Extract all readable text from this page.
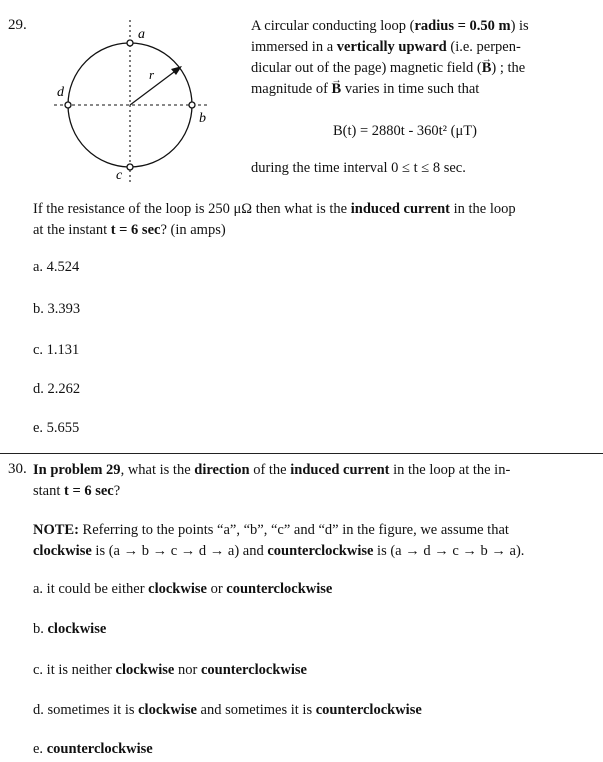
29.
a
b
c
d
r
A circular conducting loop (radius = 0.50 m) is
immersed in a vertically upward (i.e. perpen-
dicular out of the page) magnetic field (→ B) ; the
magnitude of → B varies in time such that
B(t) = 2880t - 360t² (μT)
during the time interval 0 ≤ t ≤ 8 sec.
If the resistance of the loop is 250 μΩ then what is the induced current in the loop
at the instant t = 6 sec? (in amps)
a. 4.524
b. 3.393
c. 1.131
d. 2.262
e. 5.655
30. In problem 29, what is the direction of the induced current in the loop at the in-
stant t = 6 sec?
NOTE: Referring to the points “a”, “b”, “c” and “d” in the figure, we assume that
clockwise is (a → b → c → d → a) and counterclockwise is (a → d → c → b → a).
a. it could be either clockwise or counterclockwise
b. clockwise
c. it is neither clockwise nor counterclockwise
d. sometimes it is clockwise and sometimes it is counterclockwise
e. counterclockwise
